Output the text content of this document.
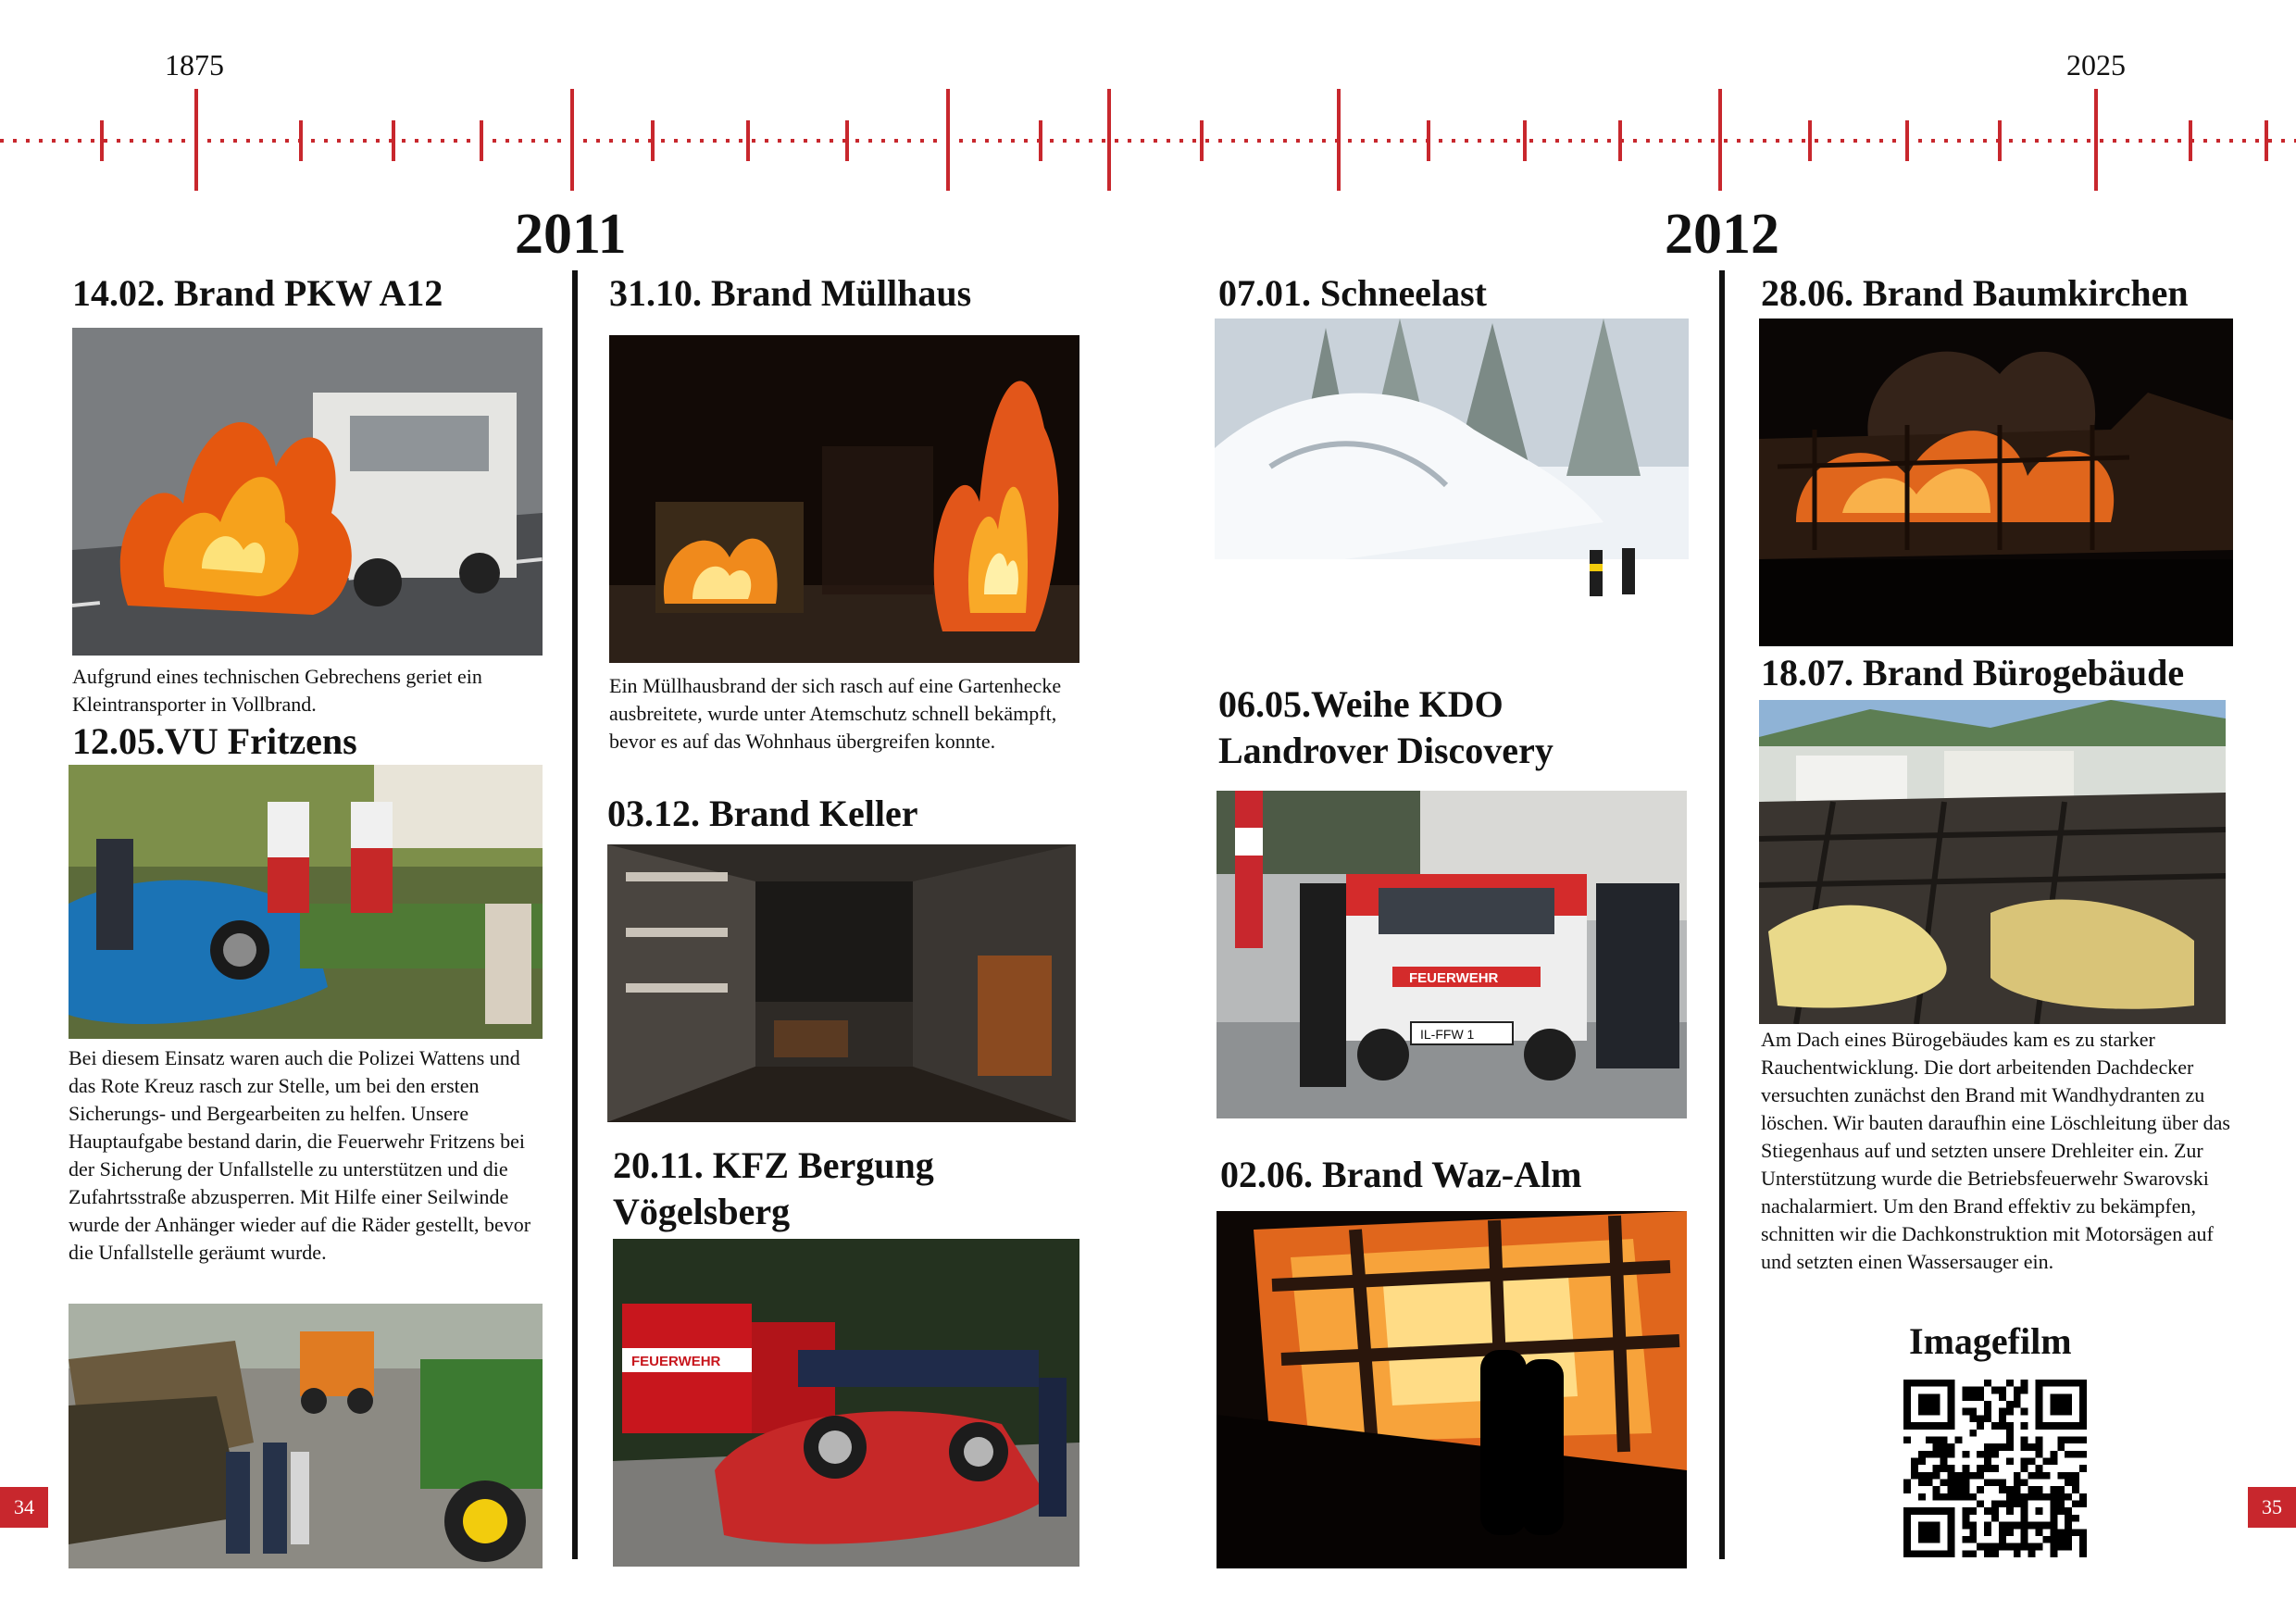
1875	2025
2011	2012
14.02. Brand PKW A12
Aufgrund eines technischen Gebrechens geriet ein Kleintransporter in Vollbrand.
12.05.VU Fritzens
Bei diesem Einsatz waren auch die Polizei Wattens und das Rote Kreuz rasch zur Stelle, um bei den ersten Sicherungs- und Bergearbeiten zu helfen. Unsere Hauptaufgabe bestand darin, die Feuerwehr Fritzens bei der Sicherung der Unfallstelle zu unterstützen und die Zufahrtsstraße abzusperren. Mit Hilfe einer Seilwinde wurde der Anhänger wieder auf die Räder gestellt, bevor die Unfallstelle geräumt wurde.
31.10. Brand Müllhaus
Ein Müllhausbrand der sich rasch auf eine Gartenhecke ausbreitete, wurde unter Atemschutz schnell bekämpft, bevor es auf das Wohnhaus übergreifen konnte.
03.12. Brand Keller
20.11. KFZ Bergung
Vögelsberg
FEUERWEHR
07.01. Schneelast
06.05.Weihe KDO
Landrover Discovery
FEUERWEHR
IL-FFW 1
02.06. Brand Waz-Alm
28.06. Brand Baumkirchen
18.07. Brand Bürogebäude
Am Dach eines Bürogebäudes kam es zu starker Rauchentwicklung. Die dort arbeitenden Dachdecker versuchten zunächst den Brand mit Wandhydranten zu löschen. Wir bauten daraufhin eine Löschleitung über das Stiegenhaus auf und setzten unsere Drehleiter ein. Zur Unterstützung wurde die Betriebsfeuerwehr Swarovski nachalarmiert. Um den Brand effektiv zu bekämpfen, schnitten wir die Dachkonstruktion mit Motorsägen auf und setzten einen Wassersauger ein.
Imagefilm
34	35
